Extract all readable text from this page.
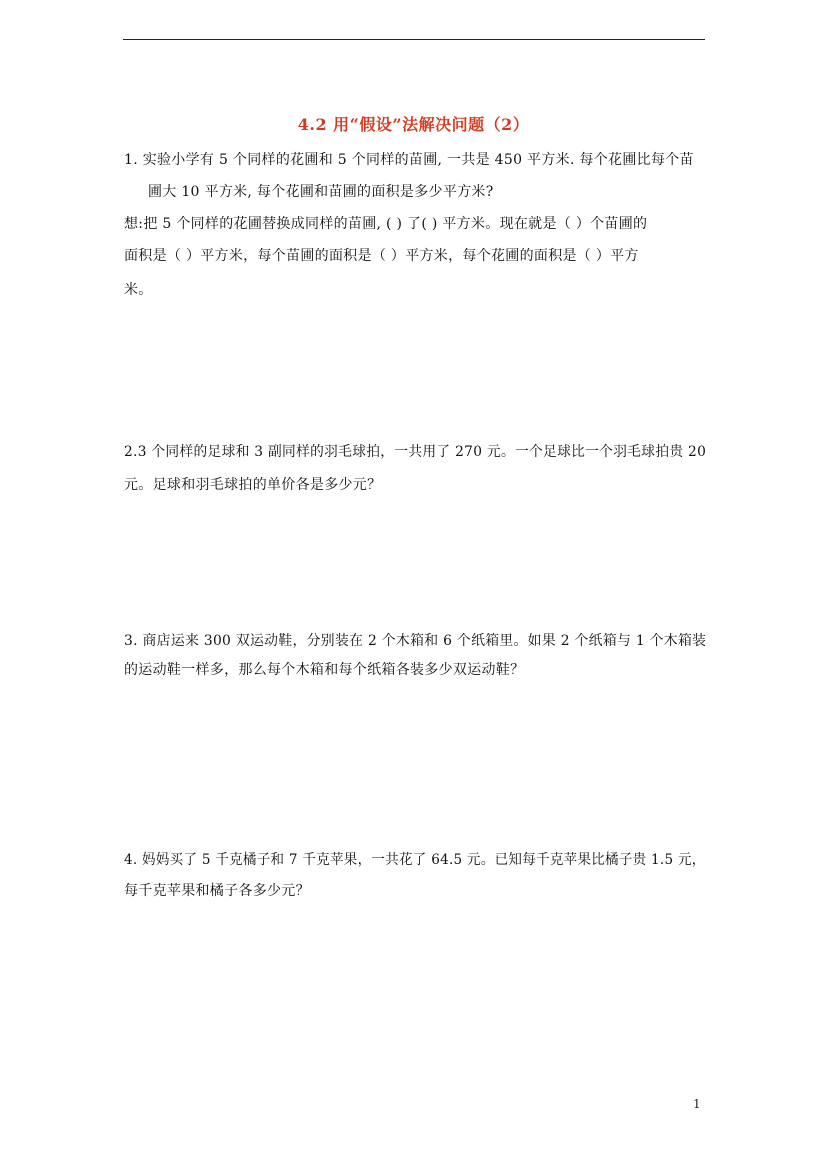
4.2 用“假设”法解决问题（2）
1. 实验小学有 5 个同样的花圃和 5 个同样的苗圃, 一共是 450 平方米. 每个花圃比每个苗
圃大 10 平方米, 每个花圃和苗圃的面积是多少平方米?
想:把 5 个同样的花圃替换成同样的苗圃, ( ) 了( ) 平方米。现在就是（ ）个苗圃的
面积是（ ）平方米，每个苗圃的面积是（ ）平方米，每个花圃的面积是（ ）平方
米。
2.3 个同样的足球和 3 副同样的羽毛球拍，一共用了 270 元。一个足球比一个羽毛球拍贵 20
元。足球和羽毛球拍的单价各是多少元？
3. 商店运来 300 双运动鞋，分别装在 2 个木箱和 6 个纸箱里。如果 2 个纸箱与 1 个木箱装
的运动鞋一样多，那么每个木箱和每个纸箱各装多少双运动鞋？
4. 妈妈买了 5 千克橘子和 7 千克苹果，一共花了 64.5 元。已知每千克苹果比橘子贵 1.5 元，
每千克苹果和橘子各多少元？
1
